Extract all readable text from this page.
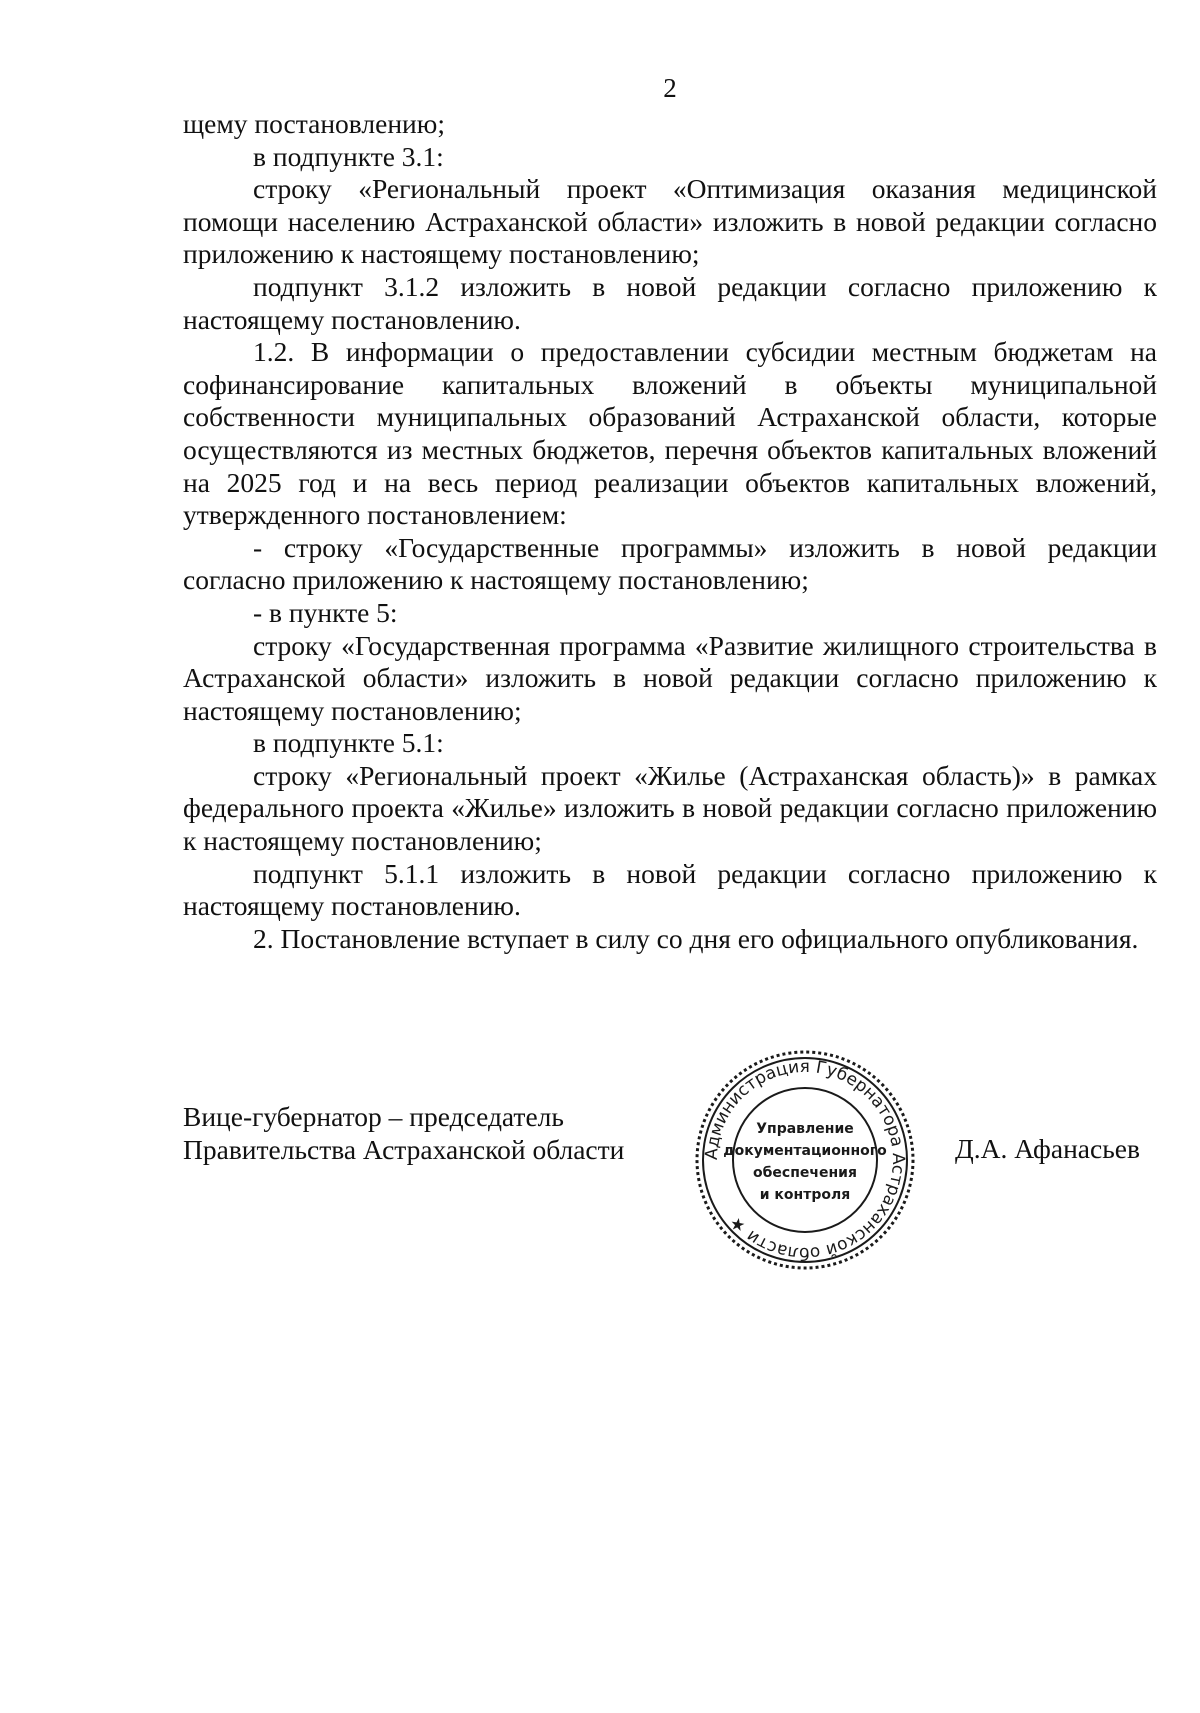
2

щему постановлению;

в подпункте 3.1:

строку «Региональный проект «Оптимизация оказания медицинской помощи населению Астраханской области» изложить в новой редакции согласно приложению к настоящему постановлению;

подпункт 3.1.2 изложить в новой редакции согласно приложению к настоящему постановлению.

1.2. В информации о предоставлении субсидии местным бюджетам на софинансирование капитальных вложений в объекты муниципальной собственности муниципальных образований Астраханской области, которые осуществляются из местных бюджетов, перечня объектов капитальных вложений на 2025 год и на весь период реализации объектов капитальных вложений, утвержденного постановлением:

- строку «Государственные программы» изложить в новой редакции согласно приложению к настоящему постановлению;

- в пункте 5:

строку «Государственная программа «Развитие жилищного строительства в Астраханской области» изложить в новой редакции согласно приложению к настоящему постановлению;

в подпункте 5.1:

строку «Региональный проект «Жилье (Астраханская область)» в рамках федерального проекта «Жилье» изложить в новой редакции согласно приложению к настоящему постановлению;

подпункт 5.1.1 изложить в новой редакции согласно приложению к настоящему постановлению.

2. Постановление вступает в силу со дня его официального опубликования.

Вице-губернатор – председатель
Правительства Астраханской области	Администрация Губернатора Астраханской области ★
Управление
документационного
обеспечения
и контроля
Д.А. Афанасьев
